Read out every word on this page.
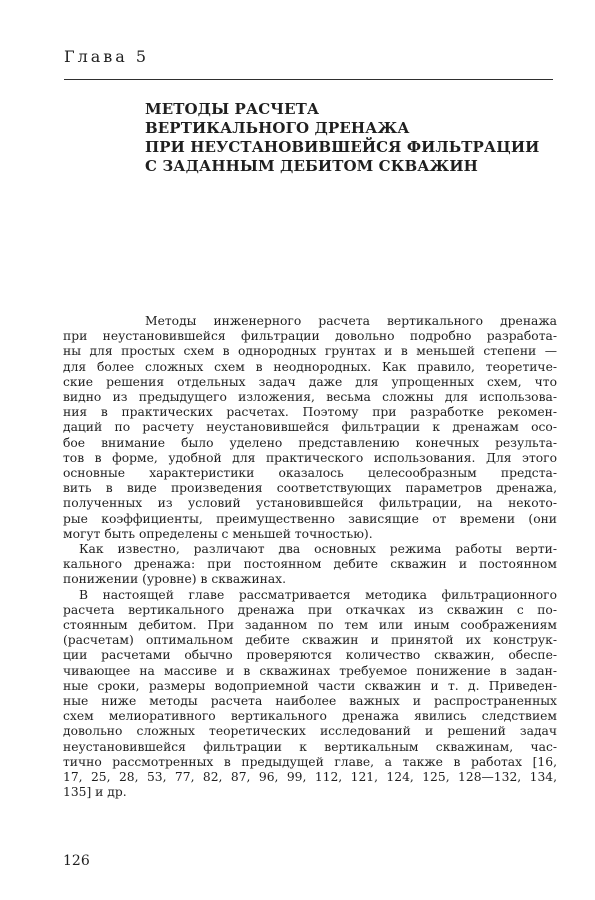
Глава 5
МЕТОДЫ РАСЧЕТА
ВЕРТИКАЛЬНОГО ДРЕНАЖА
ПРИ НЕУСТАНОВИВШЕЙСЯ ФИЛЬТРАЦИИ
С ЗАДАННЫМ ДЕБИТОМ СКВАЖИН
Методы инженерного расчета вертикального дренажа
при неустановившейся фильтрации довольно подробно разработа-
ны для простых схем в однородных грунтах и в меньшей степени —
для более сложных схем в неоднородных. Как правило, теоретиче-
ские решения отдельных задач даже для упрощенных схем, что
видно из предыдущего изложения, весьма сложны для использова-
ния в практических расчетах. Поэтому при разработке рекомен-
даций по расчету неустановившейся фильтрации к дренажам осо-
бое внимание было уделено представлению конечных результа-
тов в форме, удобной для практического использования. Для этого
основные характеристики оказалось целесообразным предста-
вить в виде произведения соответствующих параметров дренажа,
полученных из условий установившейся фильтрации, на некото-
рые коэффициенты, преимущественно зависящие от времени (они
могут быть определены с меньшей точностью).
Как известно, различают два основных режима работы верти-
кального дренажа: при постоянном дебите скважин и постоянном
понижении (уровне) в скважинах.
В настоящей главе рассматривается методика фильтрационного
расчета вертикального дренажа при откачках из скважин с по-
стоянным дебитом. При заданном по тем или иным соображениям
(расчетам) оптимальном дебите скважин и принятой их конструк-
ции расчетами обычно проверяются количество скважин, обеспе-
чивающее на массиве и в скважинах требуемое понижение в задан-
ные сроки, размеры водоприемной части скважин и т. д. Приведен-
ные ниже методы расчета наиболее важных и распространенных
схем мелиоративного вертикального дренажа явились следствием
довольно сложных теоретических исследований и решений задач
неустановившейся фильтрации к вертикальным скважинам, час-
тично рассмотренных в предыдущей главе, а также в работах [16,
17, 25, 28, 53, 77, 82, 87, 96, 99, 112, 121, 124, 125, 128—132, 134,
135] и др.
126
